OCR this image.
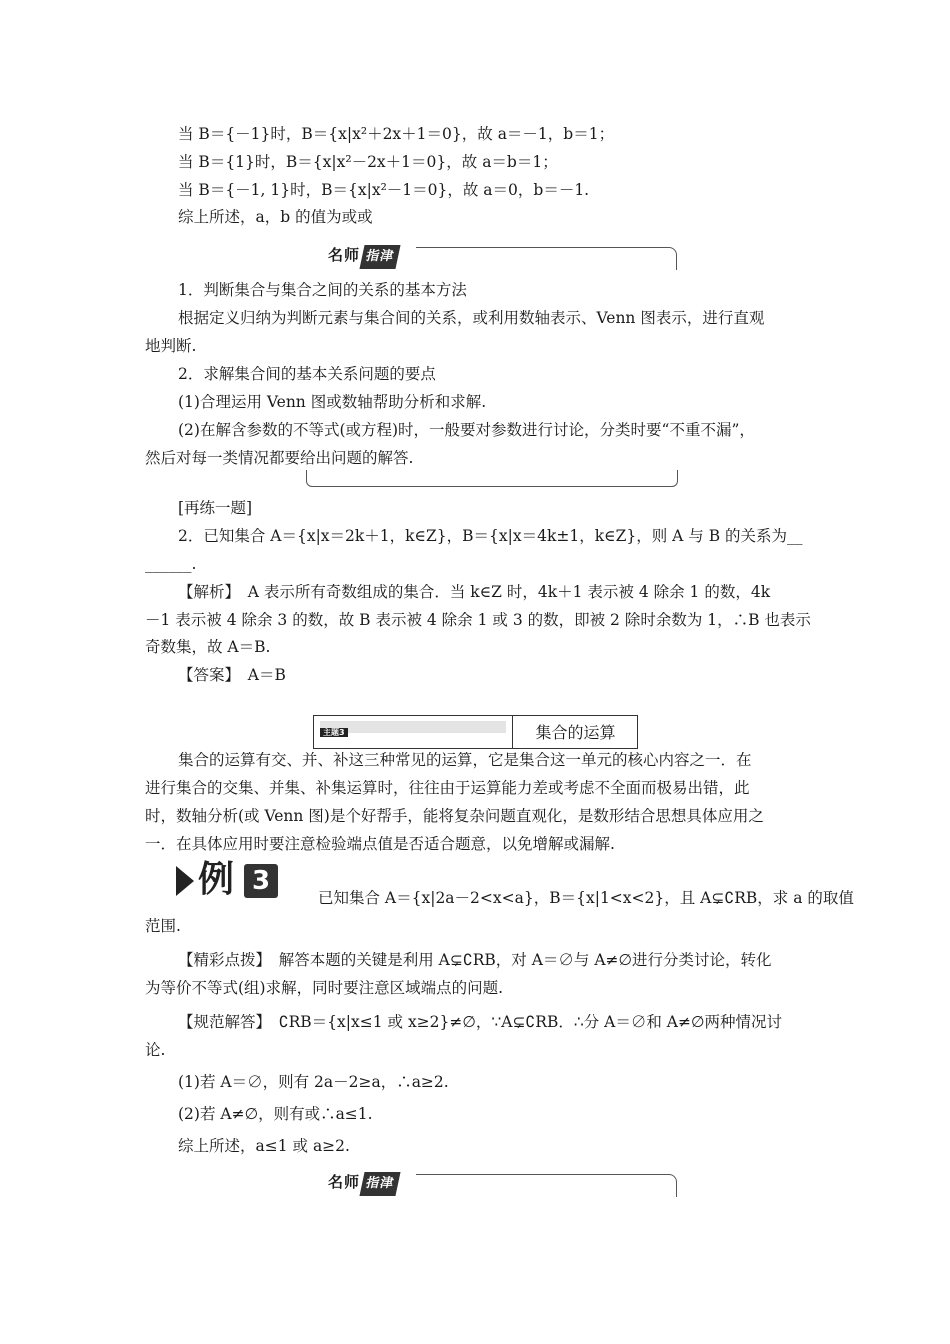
当 B＝{－1}时，B＝{x|x²＋2x＋1＝0}，故 a＝－1，b＝1；
当 B＝{1}时，B＝{x|x²－2x＋1＝0}，故 a＝b＝1；
当 B＝{－1, 1}时，B＝{x|x²－1＝0}，故 a＝0，b＝－1.
综上所述，a，b 的值为或或
名师 指津
1．判断集合与集合之间的关系的基本方法
根据定义归纳为判断元素与集合间的关系，或利用数轴表示、Venn 图表示，进行直观
地判断.
2．求解集合间的基本关系问题的要点
(1)合理运用 Venn 图或数轴帮助分析和求解.
(2)在解含参数的不等式(或方程)时，一般要对参数进行讨论，分类时要“不重不漏”，
然后对每一类情况都要给出问题的解答.
[再练一题]
2．已知集合 A＝{x|x＝2k＋1，k∈Z}，B＝{x|x＝4k±1，k∈Z}，则 A 与 B 的关系为__
______.
【解析】　A 表示所有奇数组成的集合．当 k∈Z 时，4k＋1 表示被 4 除余 1 的数，4k
－1 表示被 4 除余 3 的数，故 B 表示被 4 除余 1 或 3 的数，即被 2 除时余数为 1，∴B 也表示
奇数集，故 A＝B.
【答案】　A＝B
主题3	集合的运算
集合的运算有交、并、补这三种常见的运算，它是集合这一单元的核心内容之一．在
进行集合的交集、并集、补集运算时，往往由于运算能力差或考虑不全面而极易出错，此
时，数轴分析(或 Venn 图)是个好帮手，能将复杂问题直观化，是数形结合思想具体应用之
一．在具体应用时要注意检验端点值是否适合题意，以免增解或漏解.
例 3
已知集合 A＝{x|2a－2<x<a}，B＝{x|1<x<2}，且 A⊊∁RB，求 a 的取值
范围.
【精彩点拨】　解答本题的关键是利用 A⊊∁RB，对 A＝∅与 A≠∅进行分类讨论，转化
为等价不等式(组)求解，同时要注意区域端点的问题.
【规范解答】　∁RB＝{x|x≤1 或 x≥2}≠∅，∵A⊊∁RB．∴分 A＝∅和 A≠∅两种情况讨
论.
(1)若 A＝∅，则有 2a－2≥a，∴a≥2.
(2)若 A≠∅，则有或∴a≤1.
综上所述，a≤1 或 a≥2.
名师 指津
